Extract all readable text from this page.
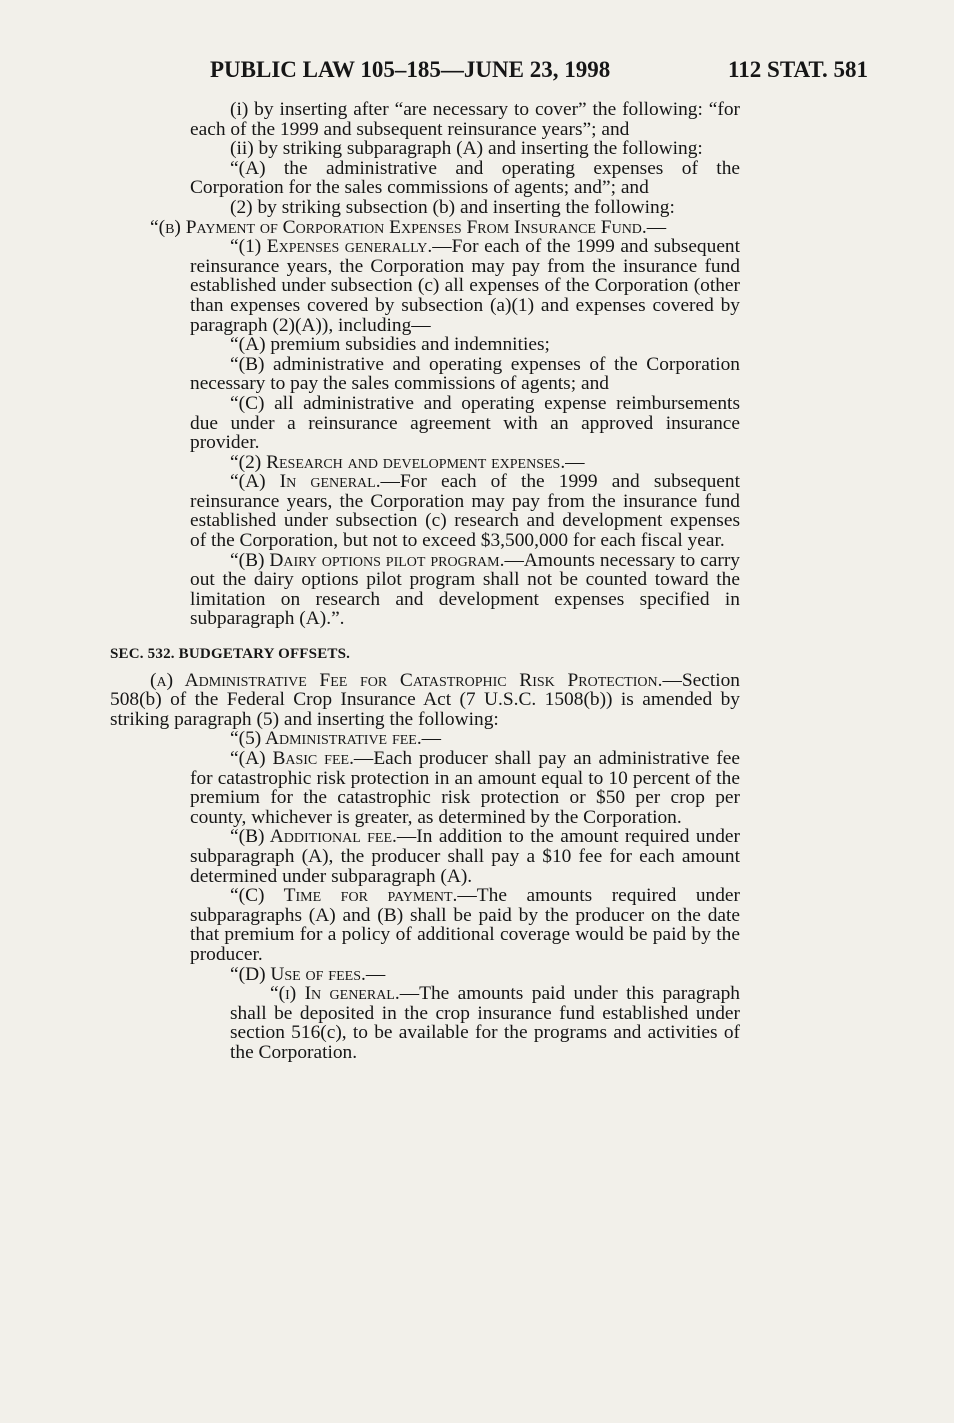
PUBLIC LAW 105–185—JUNE 23, 1998	112 STAT. 581

(i) by inserting after “are necessary to cover” the following: “for each of the 1999 and subsequent reinsurance years”; and

(ii) by striking subparagraph (A) and inserting the following:

“(A) the administrative and operating expenses of the Corporation for the sales commissions of agents; and”; and

(2) by striking subsection (b) and inserting the following:

“(b) Payment of Corporation Expenses From Insurance Fund.—

“(1) Expenses generally.—For each of the 1999 and subsequent reinsurance years, the Corporation may pay from the insurance fund established under subsection (c) all expenses of the Corporation (other than expenses covered by subsection (a)(1) and expenses covered by paragraph (2)(A)), including—

“(A) premium subsidies and indemnities;

“(B) administrative and operating expenses of the Corporation necessary to pay the sales commissions of agents; and

“(C) all administrative and operating expense reimbursements due under a reinsurance agreement with an approved insurance provider.

“(2) Research and development expenses.—

“(A) In general.—For each of the 1999 and subsequent reinsurance years, the Corporation may pay from the insurance fund established under subsection (c) research and development expenses of the Corporation, but not to exceed $3,500,000 for each fiscal year.

“(B) Dairy options pilot program.—Amounts necessary to carry out the dairy options pilot program shall not be counted toward the limitation on research and development expenses specified in subparagraph (A).”.

SEC. 532. BUDGETARY OFFSETS.

(a) Administrative Fee for Catastrophic Risk Protection.—Section 508(b) of the Federal Crop Insurance Act (7 U.S.C. 1508(b)) is amended by striking paragraph (5) and inserting the following:

“(5) Administrative fee.—

“(A) Basic fee.—Each producer shall pay an administrative fee for catastrophic risk protection in an amount equal to 10 percent of the premium for the catastrophic risk protection or $50 per crop per county, whichever is greater, as determined by the Corporation.

“(B) Additional fee.—In addition to the amount required under subparagraph (A), the producer shall pay a $10 fee for each amount determined under subparagraph (A).

“(C) Time for payment.—The amounts required under subparagraphs (A) and (B) shall be paid by the producer on the date that premium for a policy of additional coverage would be paid by the producer.

“(D) Use of fees.—

“(i) In general.—The amounts paid under this paragraph shall be deposited in the crop insurance fund established under section 516(c), to be available for the programs and activities of the Corporation.
